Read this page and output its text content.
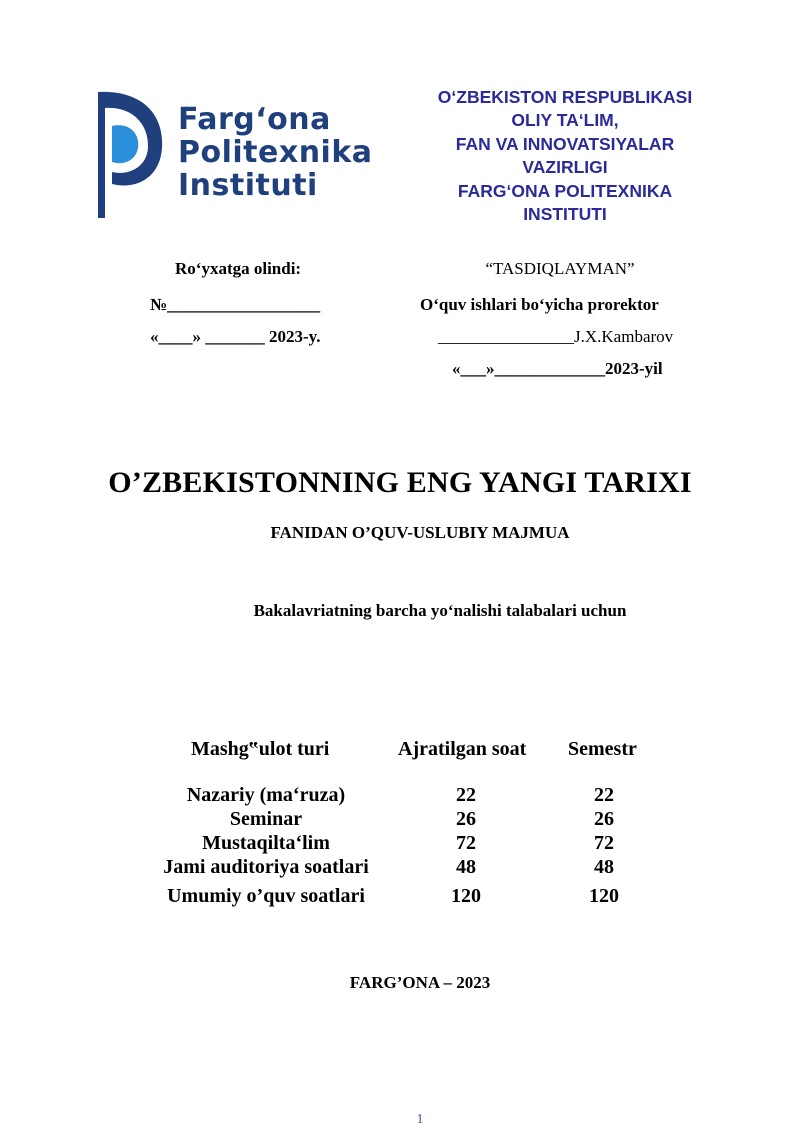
Farg‘ona
Politexnika
Instituti
O‘ZBEKISTON RESPUBLIKASI
OLIY TA‘LIM,
FAN VA INNOVATSIYALAR
VAZIRLIGI
FARG‘ONA POLITEXNIKA
INSTITUTI
Ro‘yxatga olindi:
№__________________
«____» _______ 2023-y.
“TASDIQLAYMAN”
O‘quv ishlari bo‘yicha prorektor
________________J.X.Kambarov
«___»_____________2023-yil
O’ZBEKISTONNING ENG YANGI TARIXI
FANIDAN O’QUV-USLUBIY MAJMUA
Bakalavriatning barcha yo‘nalishi talabalari uchun
Mashg‟ulot turi	Ajratilgan soat Semestr
Nazariy (ma‘ruza)	22	22
Seminar	26	26
Mustaqilta‘lim	72	72
Jami auditoriya soatlari	48	48
Umumiy o’quv soatlari	120	120
FARG’ONA – 2023
1
